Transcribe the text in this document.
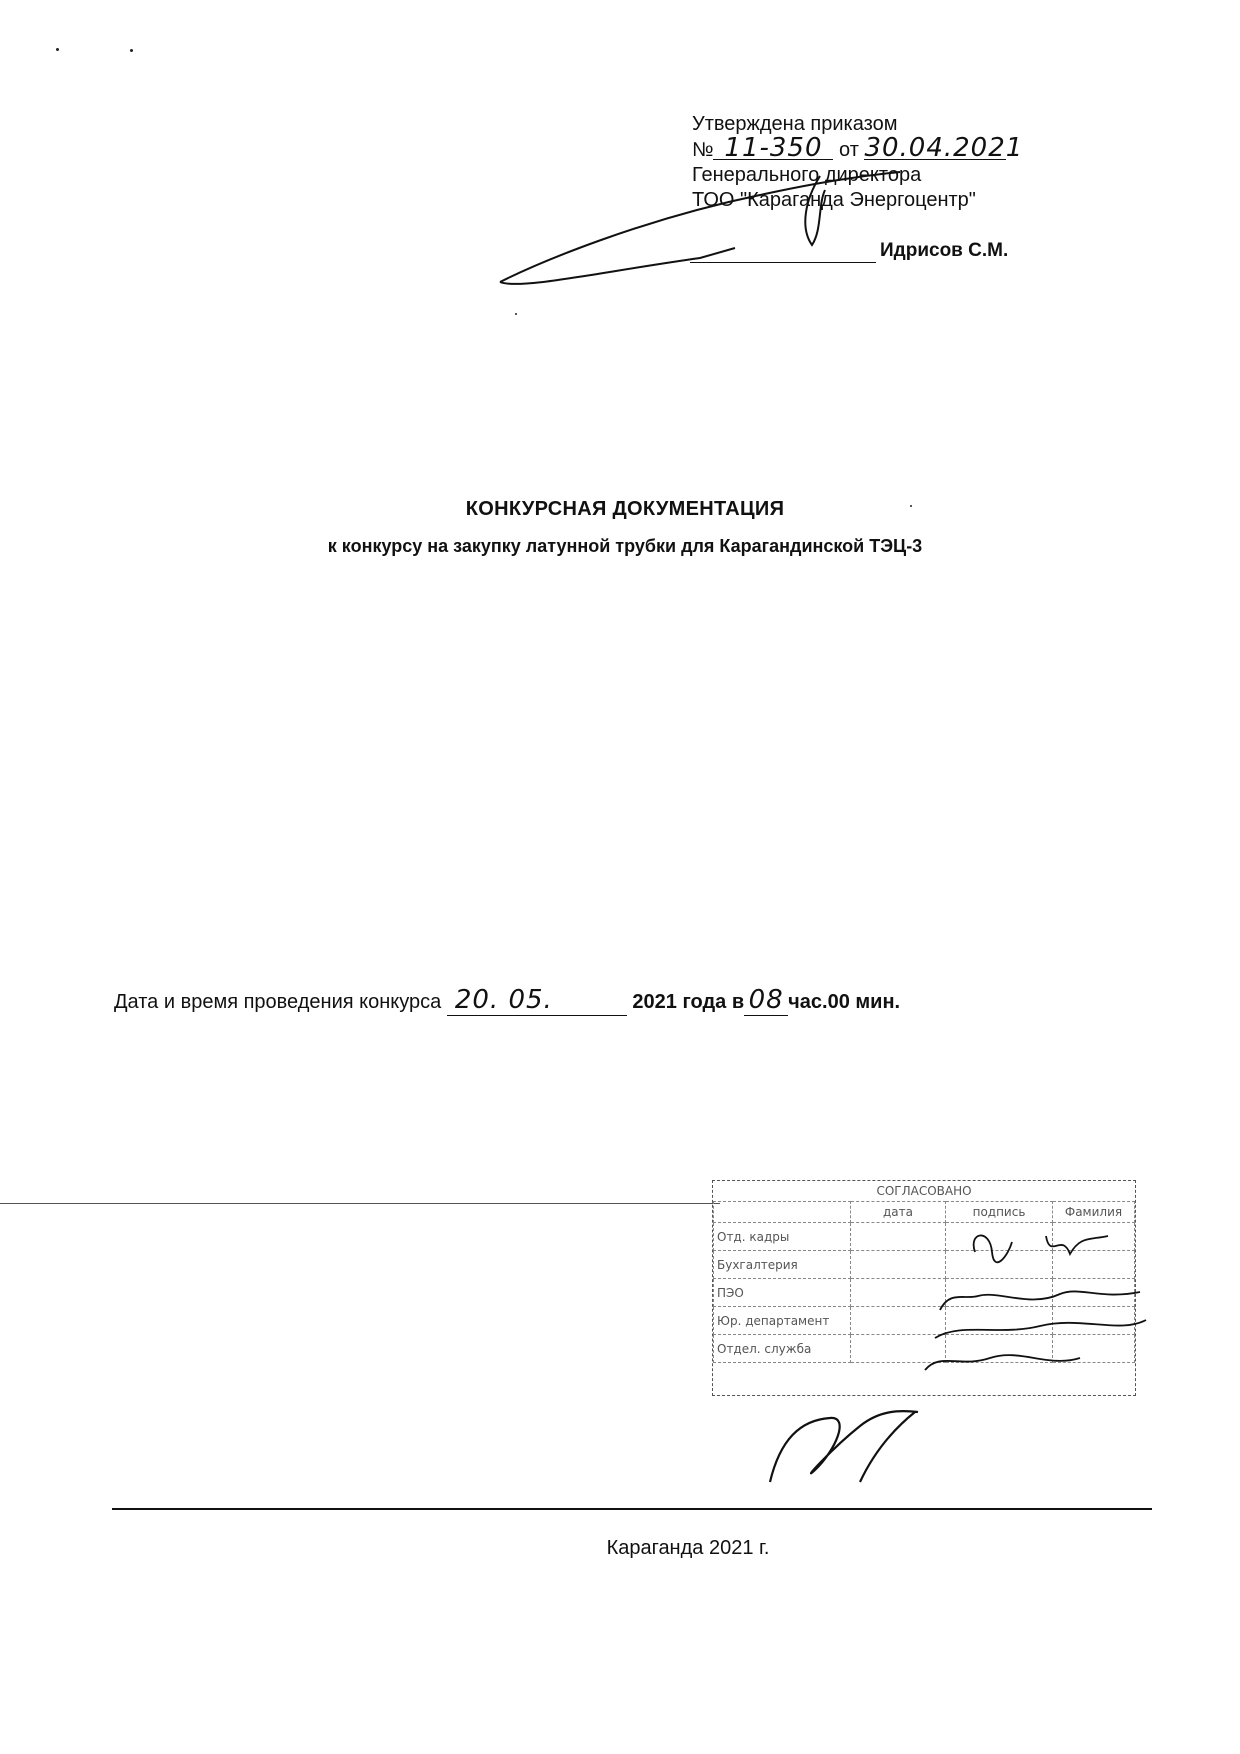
Утверждена приказом
№ 11-350 от 30.04.2021
Генерального директора
ТОО "Караганда Энергоцентр"
Идрисов С.М.
КОНКУРСНАЯ ДОКУМЕНТАЦИЯ
к конкурсу на закупку латунной трубки для Карагандинской ТЭЦ-3
Дата и время проведения конкурса 20. 05.	2021 года в 08 час.00 мин.
СОГЛАСОВАНО			
	дата	подпись	Фамилия
Отд. кадры			
Бухгалтерия			
ПЭО			
Юр. департамент			
Отдел. служба			
Караганда 2021 г.
